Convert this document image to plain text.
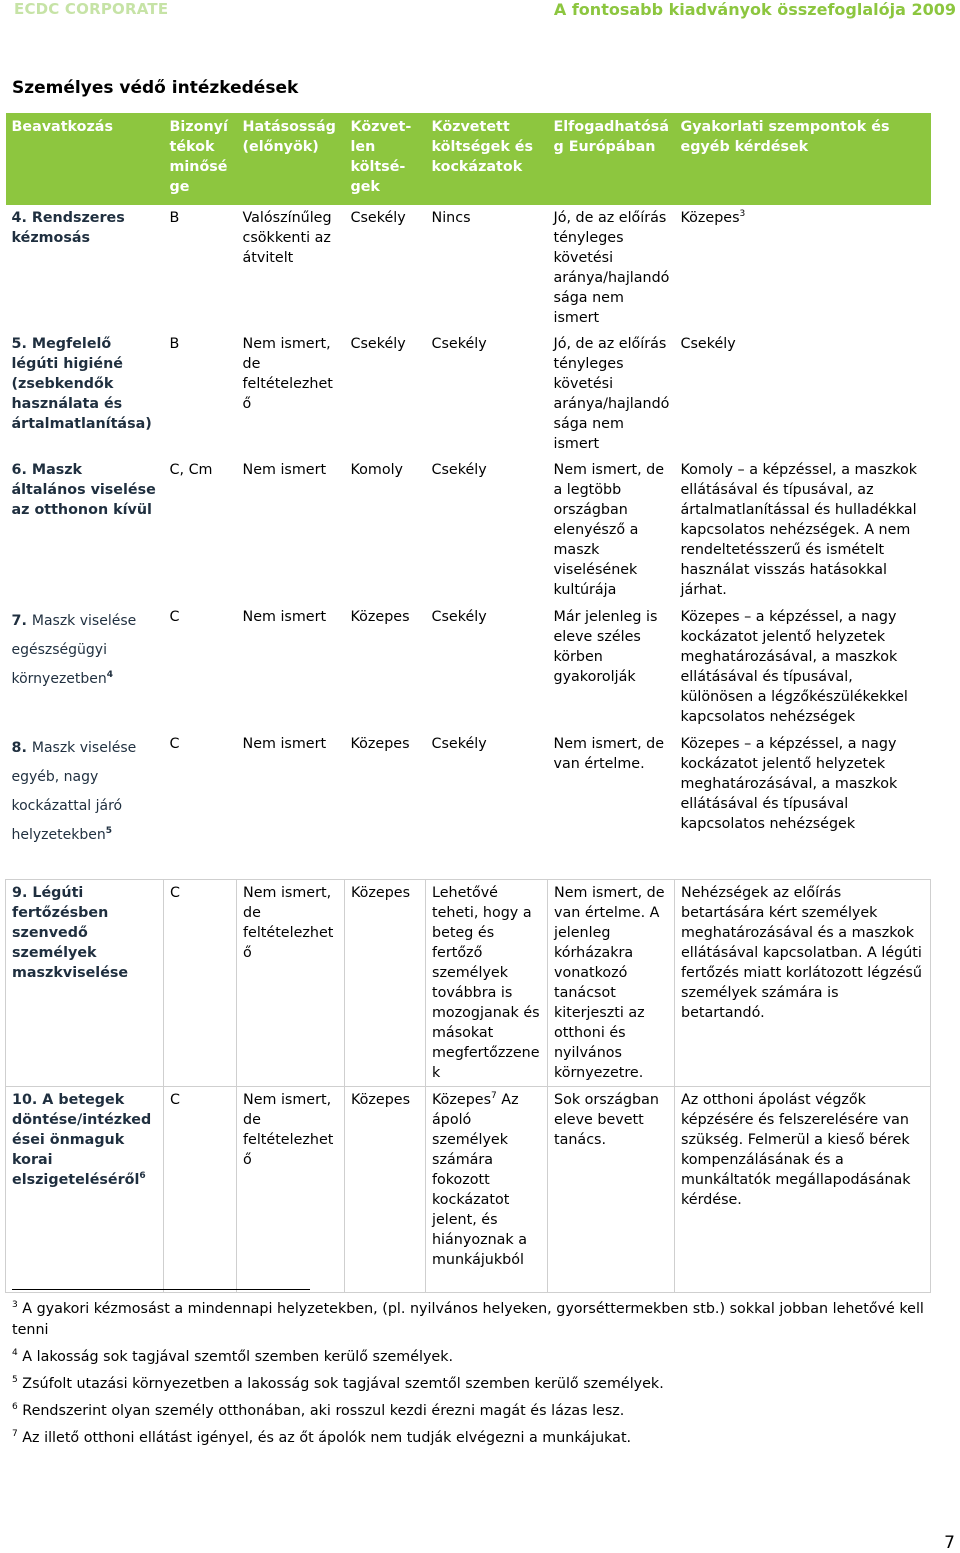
ECDC CORPORATE	A fontosabb kiadványok összefoglalója 2009
Személyes védő intézkedések
Beavatkozás	Bizonyí tékok minősé ge	Hatásosság (előnyök)	Közvet- len költsé- gek	Közvetett költségek és kockázatok	Elfogadhatósá g Európában	Gyakorlati szempontok és egyéb kérdések
4. Rendszeres kézmosás	B	Valószínűleg csökkenti az átvitelt	Csekély	Nincs	Jó, de az előírás tényleges követési aránya/hajlandó sága nem ismert	Közepes$^3$
5. Megfelelő légúti higiéné (zsebkendők használata és ártalmatlanítása)	B	Nem ismert, de feltételezhető	Csekély	Csekély	Jó, de az előírás tényleges követési aránya/hajlandó sága nem ismert	Csekély
6. Maszk általános viselése az otthonon kívül	C, Cm	Nem ismert	Komoly	Csekély	Nem ismert, de a legtöbb országban elenyésző a maszk viselésének kultúrája	Komoly – a képzéssel, a maszkok ellátásával és típusával, az ártalmatlanítással és hulladékkal kapcsolatos nehézségek. A nem rendeltetésszerű és ismételt használat visszás hatásokkal járhat.
7. Maszk viselése egészségügyi környezetben$^4$	C	Nem ismert	Közepes	Csekély	Már jelenleg is eleve széles körben gyakorolják	Közepes – a képzéssel, a nagy kockázatot jelentő helyzetek meghatározásával, a maszkok ellátásával és típusával, különösen a légzőkészülékekkel kapcsolatos nehézségek
8. Maszk viselése egyéb, nagy kockázattal járó helyzetekben$^5$	C	Nem ismert	Közepes	Csekély	Nem ismert, de van értelme.	Közepes – a képzéssel, a nagy kockázatot jelentő helyzetek meghatározásával, a maszkok ellátásával és típusával kapcsolatos nehézségek

9. Légúti fertőzésben szenvedő személyek maszkviselése	C	Nem ismert, de feltételezhető	Közepes	Lehetővé teheti, hogy a beteg és fertőző személyek továbbra is mozogjanak és másokat megfertőzzenek	Nem ismert, de van értelme. A jelenleg kórházakra vonatkozó tanácsot kiterjeszti az otthoni és nyilvános környezetre.	Nehézségek az előírás betartására kért személyek meghatározásával és a maszkok ellátásával kapcsolatban. A légúti fertőzés miatt korlátozott légzésű személyek számára is betartandó.
10. A betegek döntése/intézked ései önmaguk korai elszigeteléséről$^6$	C	Nem ismert, de feltételezhető	Közepes	Közepes$^7$ Az ápoló személyek számára fokozott kockázatot jelent, és hiányoznak a munkájukból	Sok országban eleve bevett tanács.	Az otthoni ápolást végzők képzésére és felszerelésére van szükség. Felmerül a kieső bérek kompenzálásának és a munkáltatók megállapodásának kérdése.

$^3$ A gyakori kézmosást a mindennapi helyzetekben, (pl. nyilvános helyeken, gyorséttermekben stb.) sokkal jobban lehetővé kell tenni

$^4$ A lakosság sok tagjával szemtől szemben kerülő személyek.

$^5$ Zsúfolt utazási környezetben a lakosság sok tagjával szemtől szemben kerülő személyek.

$^6$ Rendszerint olyan személy otthonában, aki rosszul kezdi érezni magát és lázas lesz.

$^7$ Az illető otthoni ellátást igényel, és az őt ápolók nem tudják elvégezni a munkájukat.

7
